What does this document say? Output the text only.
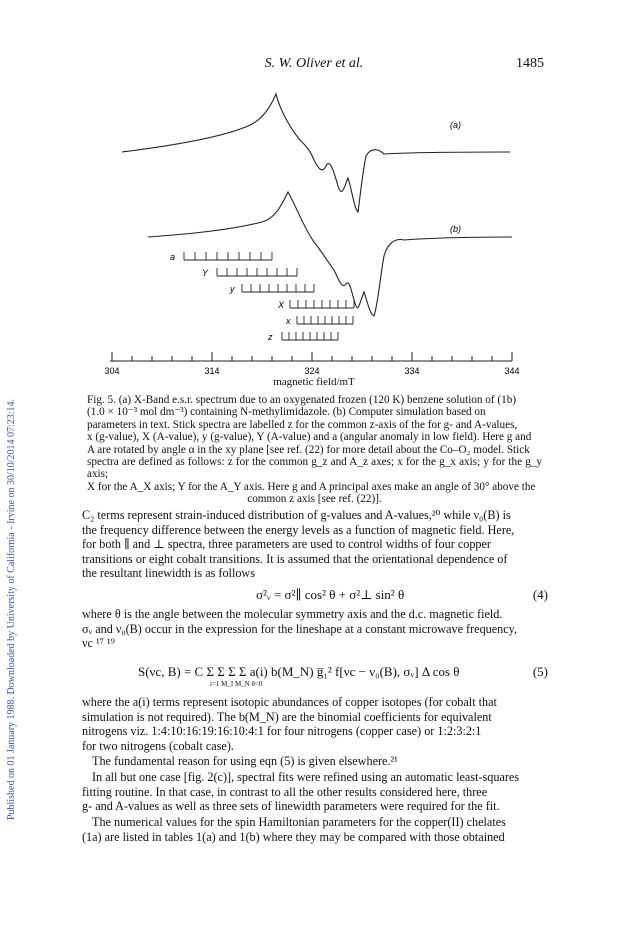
Published on 01 January 1988. Downloaded by University of California - Irvine on 30/10/2014 07:23:14.
S. W. Oliver et al.	1485
(a)
(b)
a
Y
y
X
x
z
304	314	324	334	344
magnetic field/mT
Fig. 5. (a) X-Band e.s.r. spectrum due to an oxygenated frozen (120 K) benzene solution of (1b)
(1.0 × 10⁻³ mol dm⁻³) containing N-methylimidazole. (b) Computer simulation based on
parameters in text. Stick spectra are labelled z for the common z-axis of the for g- and A-values,
x (g-value), X (A-value), y (g-value), Y (A-value) and a (angular anomaly in low field). Here g and
A are rotated by angle α in the xy plane [see ref. (22) for more detail about the Co–O₂ model. Stick
spectra are defined as follows: z for the common g_z and A_z axes; x for the g_x axis; y for the g_y axis;
X for the A_X axis; Y for the A_Y axis. Here g and A principal axes make an angle of 30° above the
common z axis [see ref. (22)].
C₂ terms represent strain-induced distribution of g-values and A-values,²⁰ while ν₀(B) is
the frequency difference between the energy levels as a function of magnetic field. Here,
for both ∥ and ⊥ spectra, three parameters are used to control widths of four copper
transitions or eight cobalt transitions. It is assumed that the orientational dependence of
the resultant linewidth is as follows
σ²ᵥ = σ²∥ cos² θ + σ²⊥ sin² θ	(4)
where θ is the angle between the molecular symmetry axis and the d.c. magnetic field.
σᵥ and ν₀(B) occur in the expression for the lineshape at a constant microwave frequency,
νc ¹⁷ ¹⁹
S(νc, B) = C Σ Σ Σ Σ a(i) b(M_N) g̅₁² f[νc − ν₀(B), σᵥ] Δ cos θ
i=1 M_I M_N θ=0
(5)
where the a(i) terms represent isotopic abundances of copper isotopes (for cobalt that
simulation is not required). The b(M_N) are the binomial coefficients for equivalent
nitrogens viz. 1:4:10:16:19:16:10:4:1 for four nitrogens (copper case) or 1:2:3:2:1
for two nitrogens (cobalt case).
The fundamental reason for using eqn (5) is given elsewhere.²¹
In all but one case [fig. 2(c)], spectral fits were refined using an automatic least-squares
fitting routine. In that case, in contrast to all the other results considered here, three
g- and A-values as well as three sets of linewidth parameters were required for the fit.
The numerical values for the spin Hamiltonian parameters for the copper(II) chelates
(1a) are listed in tables 1(a) and 1(b) where they may be compared with those obtained
